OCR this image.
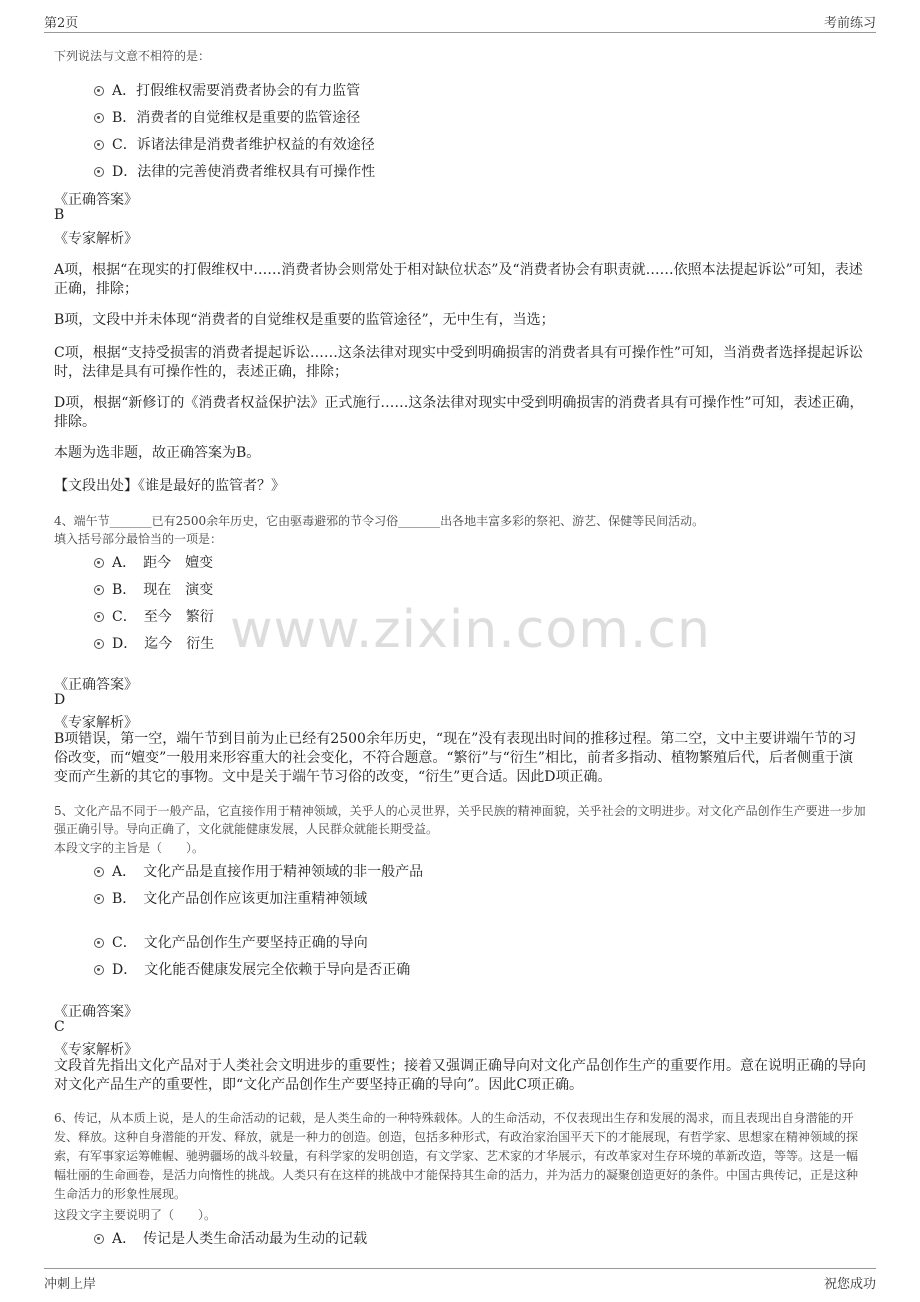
第2页	考前练习
www.zixin.com.cn
下列说法与文意不相符的是：
A．打假维权需要消费者协会的有力监管
B．消费者的自觉维权是重要的监管途径
C．诉诸法律是消费者维护权益的有效途径
D．法律的完善使消费者维权具有可操作性
《正确答案》
B
《专家解析》
A项，根据“在现实的打假维权中……消费者协会则常处于相对缺位状态”及“消费者协会有职责就……依照本法提起诉讼”可知，表述正确，排除；
B项，文段中并未体现“消费者的自觉维权是重要的监管途径”，无中生有，当选；
C项，根据“支持受损害的消费者提起诉讼……这条法律对现实中受到明确损害的消费者具有可操作性”可知，当消费者选择提起诉讼时，法律是具有可操作性的，表述正确，排除；
D项，根据“新修订的《消费者权益保护法》正式施行……这条法律对现实中受到明确损害的消费者具有可操作性”可知，表述正确，排除。
本题为选非题，故正确答案为B。
【文段出处】《谁是最好的监管者？》
4、端午节_______已有2500余年历史，它由驱毒避邪的节令习俗_______出各地丰富多彩的祭祀、游艺、保健等民间活动。
填入括号部分最恰当的一项是：
A．　距今　嬗变
B．　现在　演变
C．　至今　繁衍
D．　迄今　衍生
《正确答案》
D
《专家解析》
B项错误，第一空，端午节到目前为止已经有2500余年历史，“现在”没有表现出时间的推移过程。第二空，文中主要讲端午节的习俗改变，而“嬗变”一般用来形容重大的社会变化，不符合题意。“繁衍”与“衍生”相比，前者多指动、植物繁殖后代，后者侧重于演变而产生新的其它的事物。文中是关于端午节习俗的改变，“衍生”更合适。因此D项正确。
5、文化产品不同于一般产品，它直接作用于精神领域，关乎人的心灵世界，关乎民族的精神面貌，关乎社会的文明进步。对文化产品创作生产要进一步加强正确引导。导向正确了，文化就能健康发展，人民群众就能长期受益。
本段文字的主旨是（　　）。
A．　文化产品是直接作用于精神领域的非一般产品
B．　文化产品创作应该更加注重精神领域
C．　文化产品创作生产要坚持正确的导向
D．　文化能否健康发展完全依赖于导向是否正确
《正确答案》
C
《专家解析》
文段首先指出文化产品对于人类社会文明进步的重要性；接着又强调正确导向对文化产品创作生产的重要作用。意在说明正确的导向对文化产品生产的重要性，即“文化产品创作生产要坚持正确的导向”。因此C项正确。
6、传记，从本质上说，是人的生命活动的记载，是人类生命的一种特殊载体。人的生命活动，不仅表现出生存和发展的渴求，而且表现出自身潜能的开发、释放。这种自身潜能的开发、释放，就是一种力的创造。创造，包括多种形式，有政治家治国平天下的才能展现，有哲学家、思想家在精神领域的探索，有军事家运筹帷幄、驰骋疆场的战斗较量，有科学家的发明创造，有文学家、艺术家的才华展示，有改革家对生存环境的革新改造，等等。这是一幅幅壮丽的生命画卷，是活力向惰性的挑战。人类只有在这样的挑战中才能保持其生命的活力，并为活力的凝聚创造更好的条件。中国古典传记，正是这种生命活力的形象性展现。
这段文字主要说明了（　　）。
A．　传记是人类生命活动最为生动的记载
冲刺上岸	祝您成功
